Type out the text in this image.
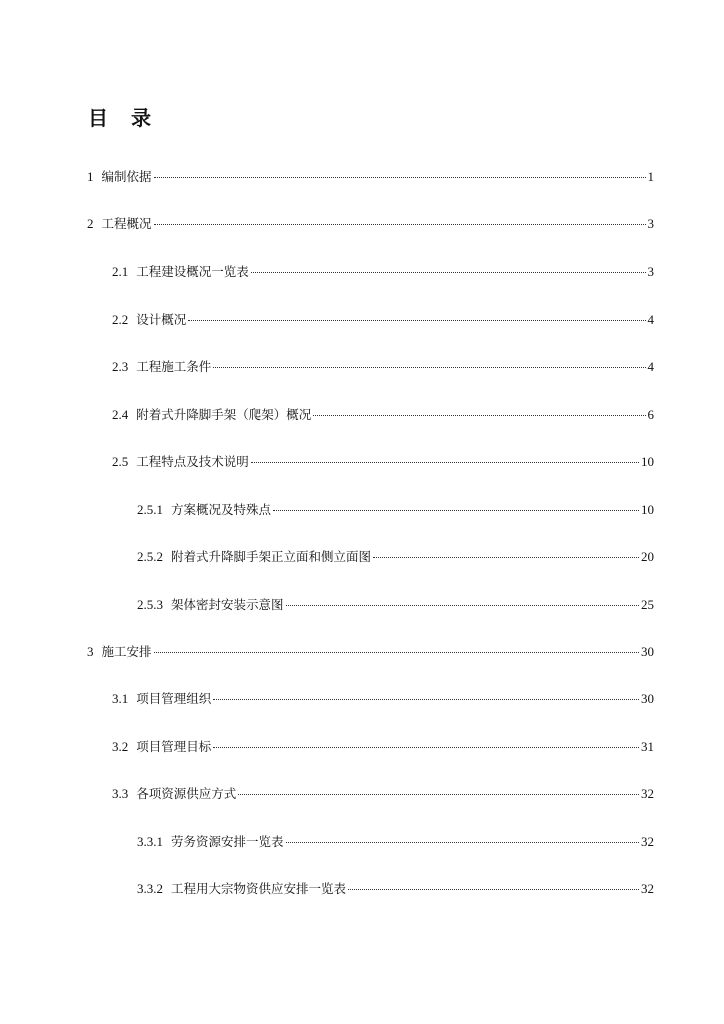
目 录
1 编制依据	1
2 工程概况	3
2.1 工程建设概况一览表	3
2.2 设计概况	4
2.3 工程施工条件	4
2.4 附着式升降脚手架（爬架）概况	6
2.5 工程特点及技术说明	10
2.5.1 方案概况及特殊点	10
2.5.2 附着式升降脚手架正立面和侧立面图	20
2.5.3 架体密封安装示意图	25
3 施工安排	30
3.1 项目管理组织	30
3.2 项目管理目标	31
3.3 各项资源供应方式	32
3.3.1 劳务资源安排一览表	32
3.3.2 工程用大宗物资供应安排一览表	32
